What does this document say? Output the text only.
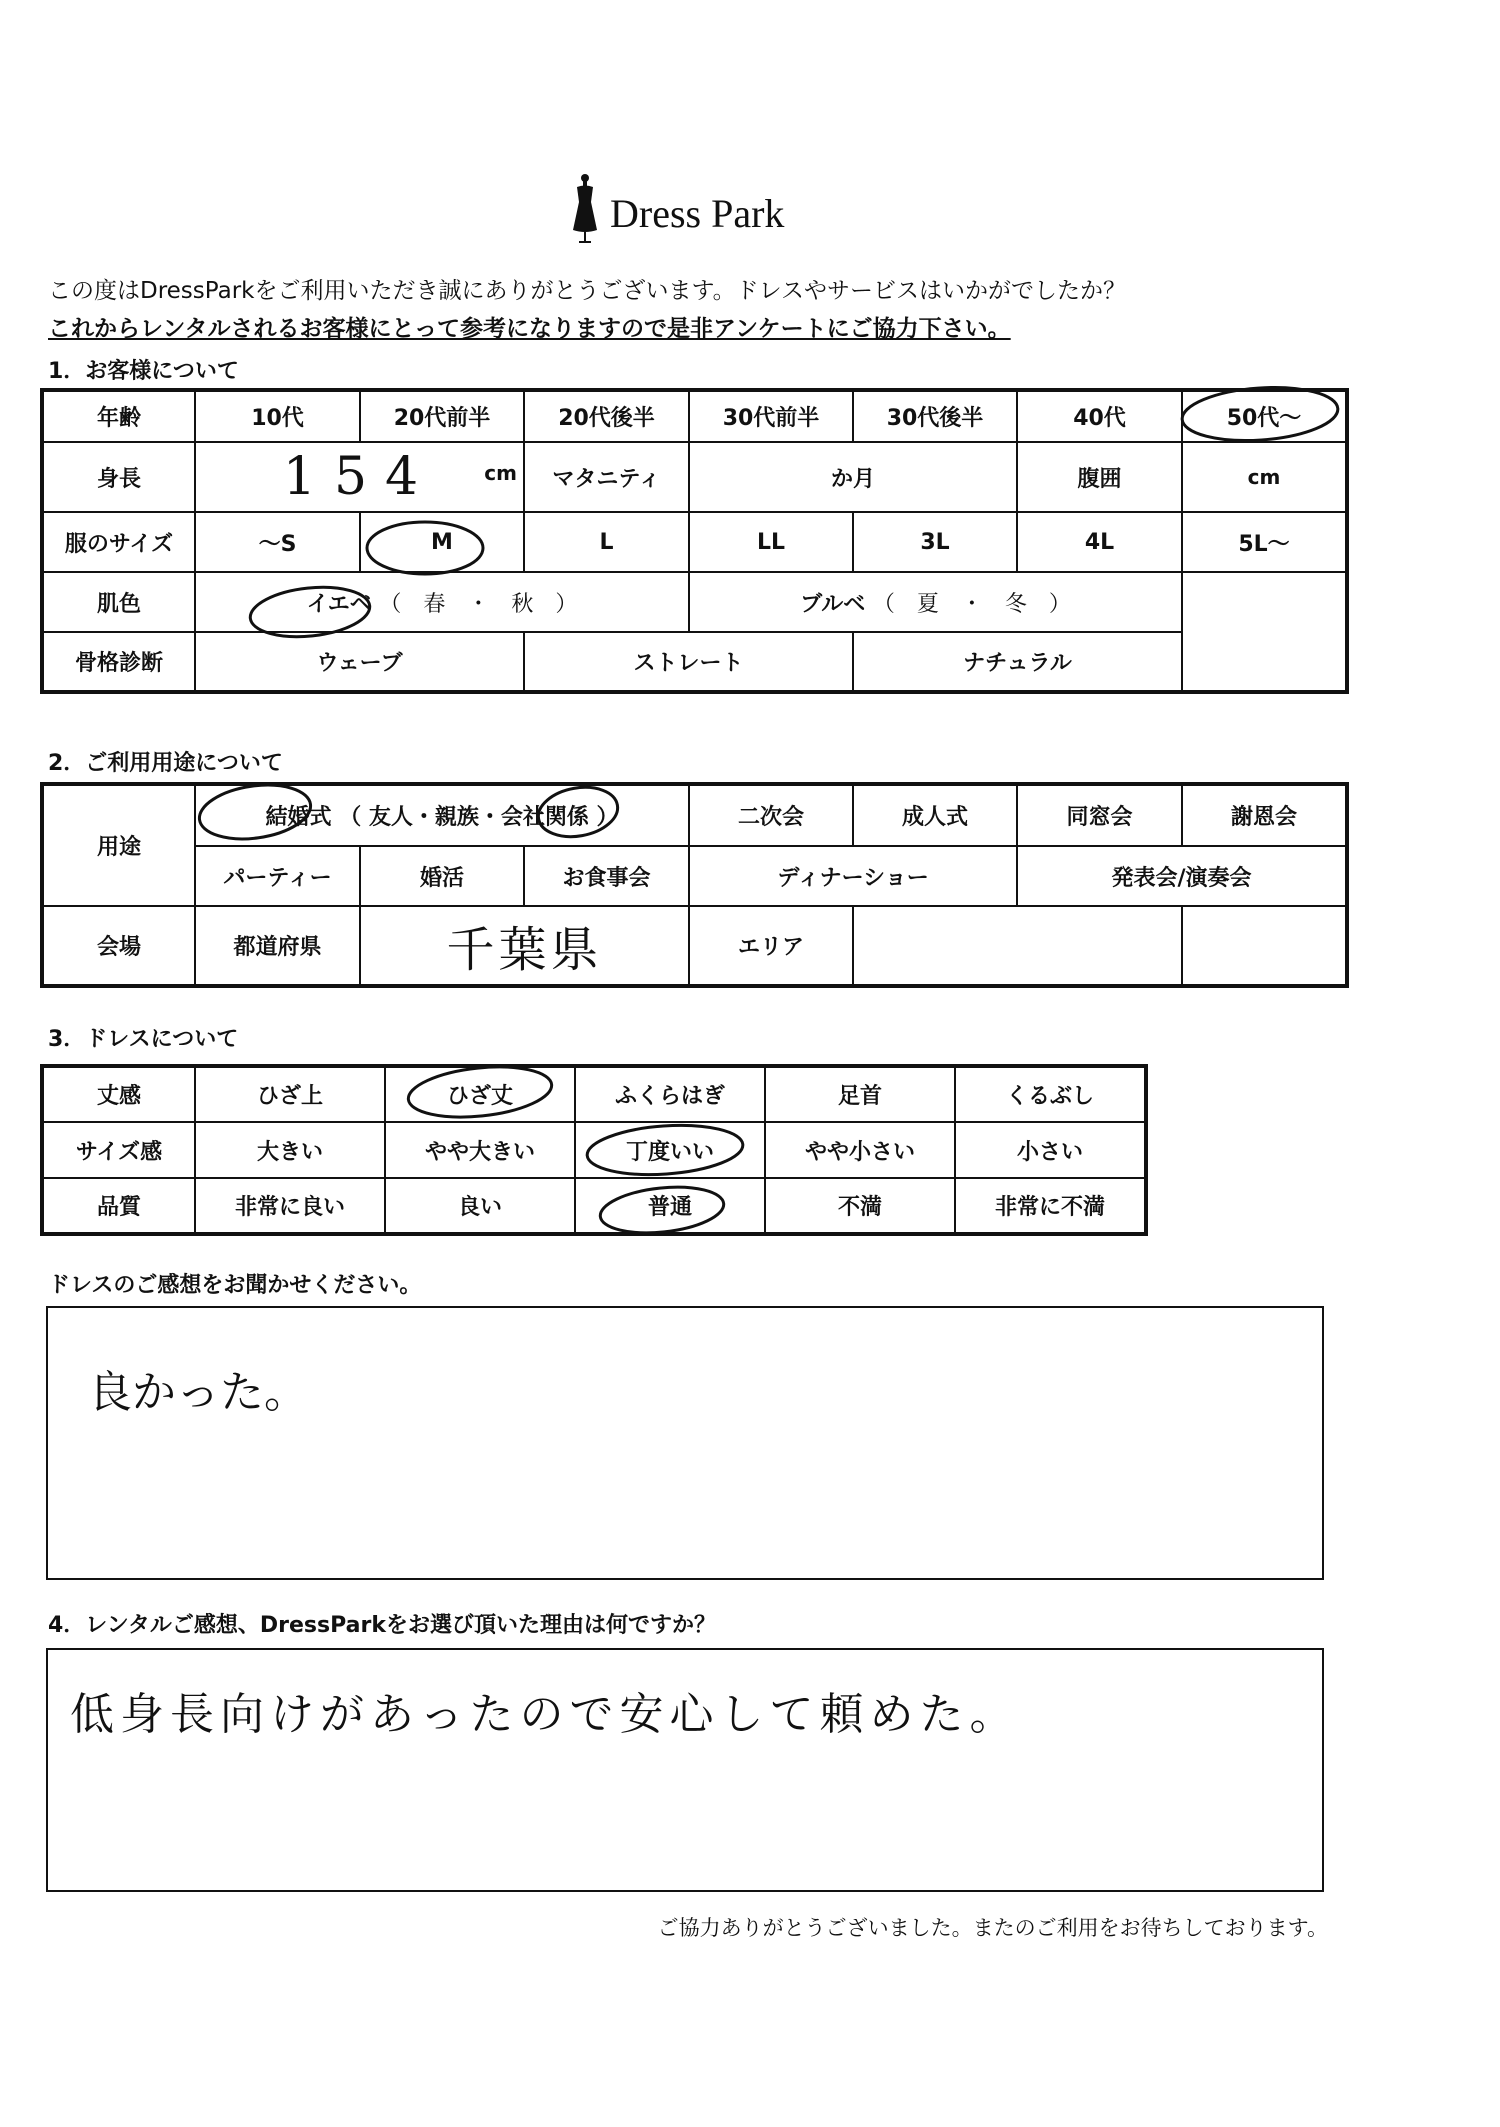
Dress Park
この度はDressParkをご利用いただき誠にありがとうございます。ドレスやサービスはいかがでしたか？
これからレンタルされるお客様にとって参考になりますので是非アンケートにご協力下さい。
1．お客様について
年齢	10代	20代前半	20代後半	30代前半	30代後半	40代	50代～
身長	154 cm		マタニティ	か月		腹囲	cm
服のサイズ	～S	M	L	LL	3L	4L	5L～
肌色	イエベ （　春　・　秋　）			ブルベ （　夏　・　冬　）			
骨格診断	ウェーブ		ストレート		ナチュラル		
2．ご利用用途について
用途	結婚式 （ 友人・親族・会社関係 ）			二次会	成人式	同窓会	謝恩会
	パーティー	婚活	お食事会	ディナーショー		発表会/演奏会	
会場	都道府県	千葉県		エリア			
3．ドレスについて
丈感	ひざ上	ひざ丈	ふくらはぎ	足首	くるぶし
サイズ感	大きい	やや大きい	丁度いい	やや小さい	小さい
品質	非常に良い	良い	普通	不満	非常に不満
ドレスのご感想をお聞かせください。
良かった。
4．レンタルご感想、DressParkをお選び頂いた理由は何ですか？
低身長向けがあったので安心して頼めた。
ご協力ありがとうございました。またのご利用をお待ちしております。
